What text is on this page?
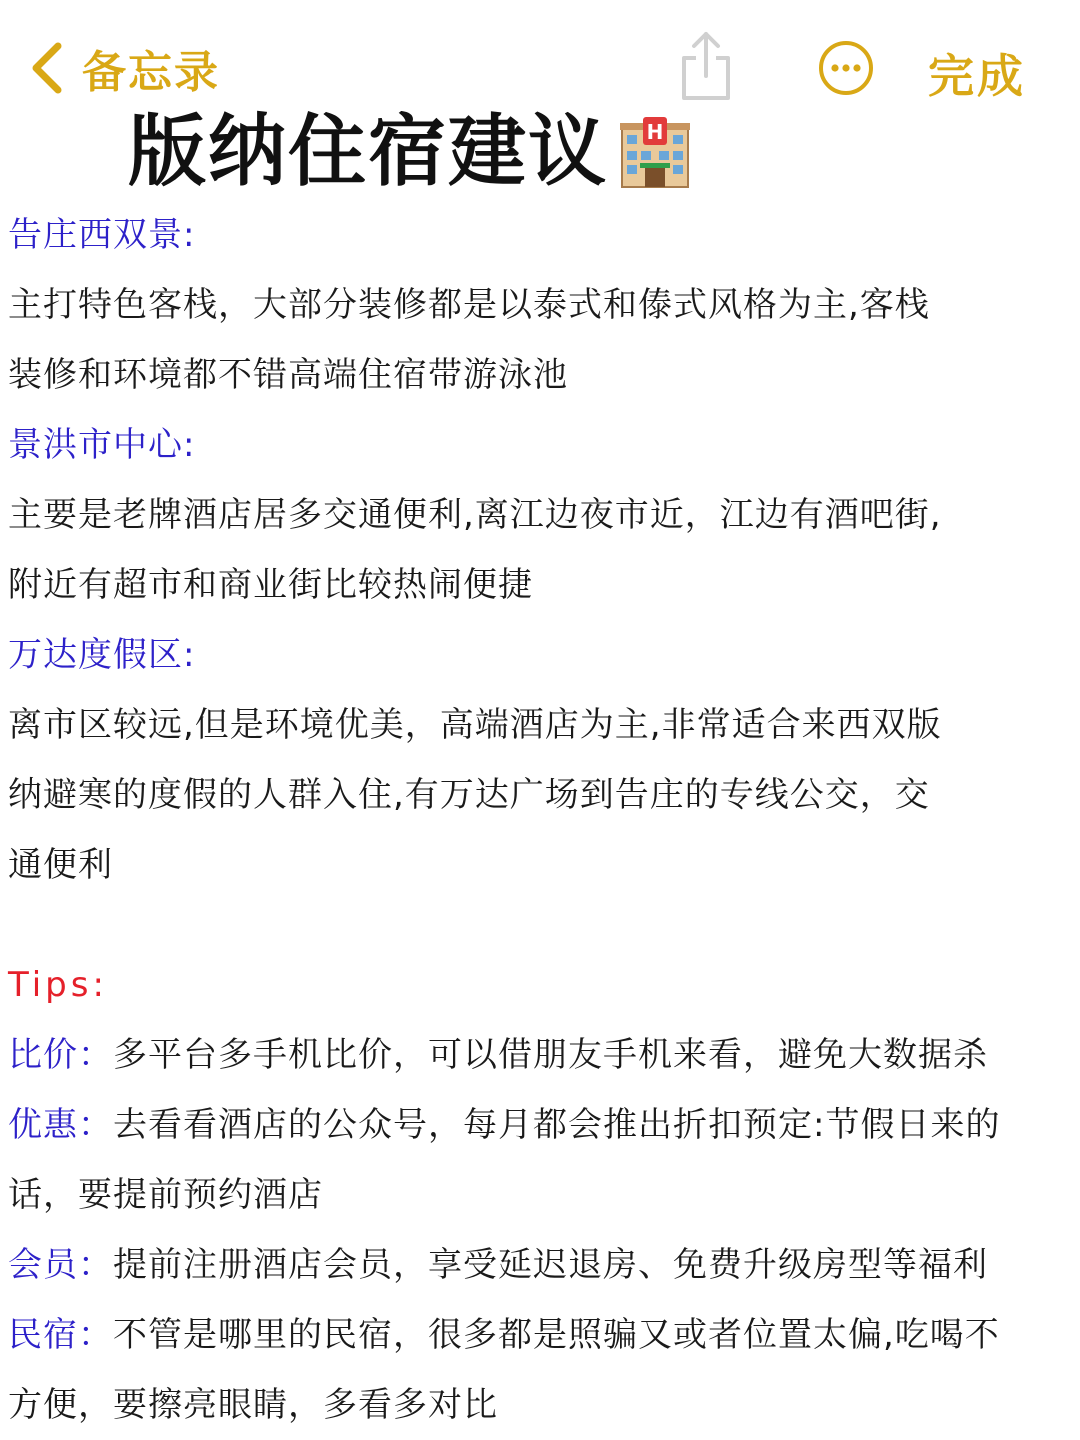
备忘录	完成
版纳住宿建议 H
告庄西双景:
主打特色客栈，大部分装修都是以泰式和傣式风格为主,客栈
装修和环境都不错高端住宿带游泳池
景洪市中心:
主要是老牌酒店居多交通便利,离江边夜市近，江边有酒吧街,
附近有超市和商业街比较热闹便捷
万达度假区:
离市区较远,但是环境优美，高端酒店为主,非常适合来西双版
纳避寒的度假的人群入住,有万达广场到告庄的专线公交，交
通便利
Tips:
比价：多平台多手机比价，可以借朋友手机来看，避免大数据杀
优惠：去看看酒店的公众号，每月都会推出折扣预定:节假日来的
话，要提前预约酒店
会员：提前注册酒店会员，享受延迟退房、免费升级房型等福利
民宿：不管是哪里的民宿，很多都是照骗又或者位置太偏,吃喝不
方便，要擦亮眼睛，多看多对比
